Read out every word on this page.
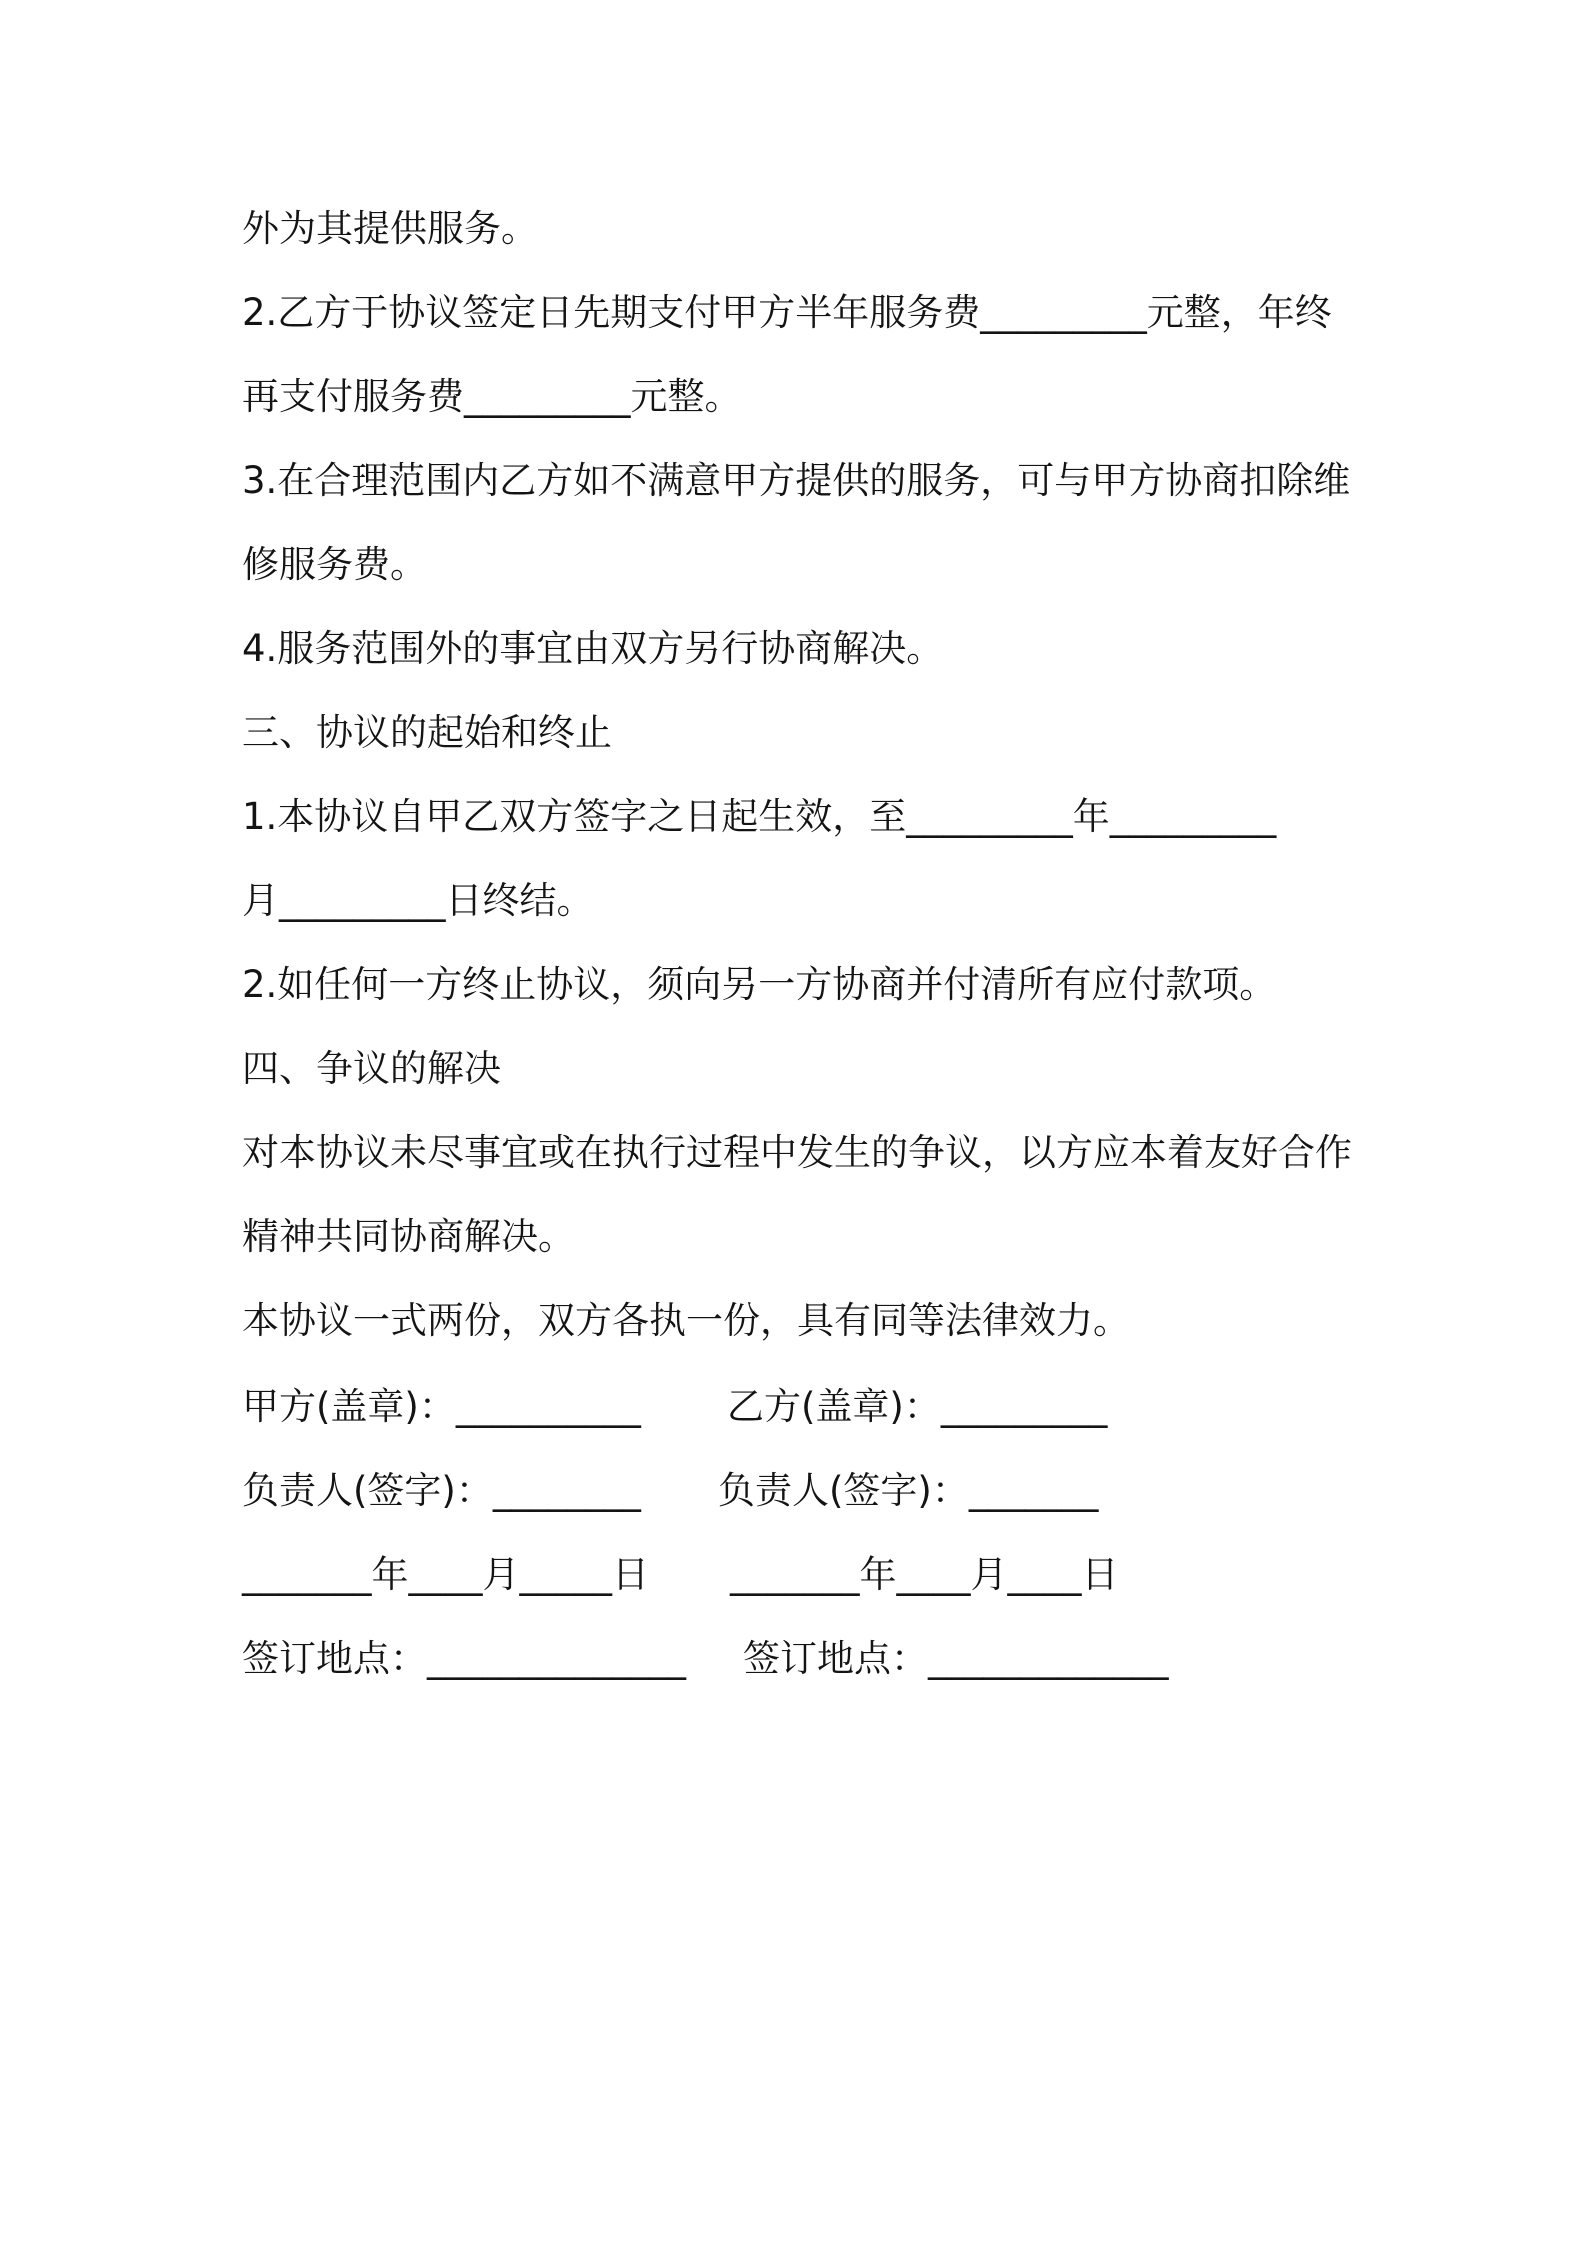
外为其提供服务。
2.乙方于协议签定日先期支付甲方半年服务费_________元整，年终
再支付服务费_________元整。
3.在合理范围内乙方如不满意甲方提供的服务，可与甲方协商扣除维
修服务费。
4.服务范围外的事宜由双方另行协商解决。
三、协议的起始和终止
1.本协议自甲乙双方签字之日起生效，至_________年_________
月_________日终结。
2.如任何一方终止协议，须向另一方协商并付清所有应付款项。
四、争议的解决
对本协议未尽事宜或在执行过程中发生的争议，以方应本着友好合作
精神共同协商解决。
本协议一式两份，双方各执一份，具有同等法律效力。
甲方(盖章)：__________ 乙方(盖章)：_________
负责人(签字)：________ 负责人(签字)：_______
_______年____月_____日 _______年____月____日
签订地点：______________ 签订地点：_____________
